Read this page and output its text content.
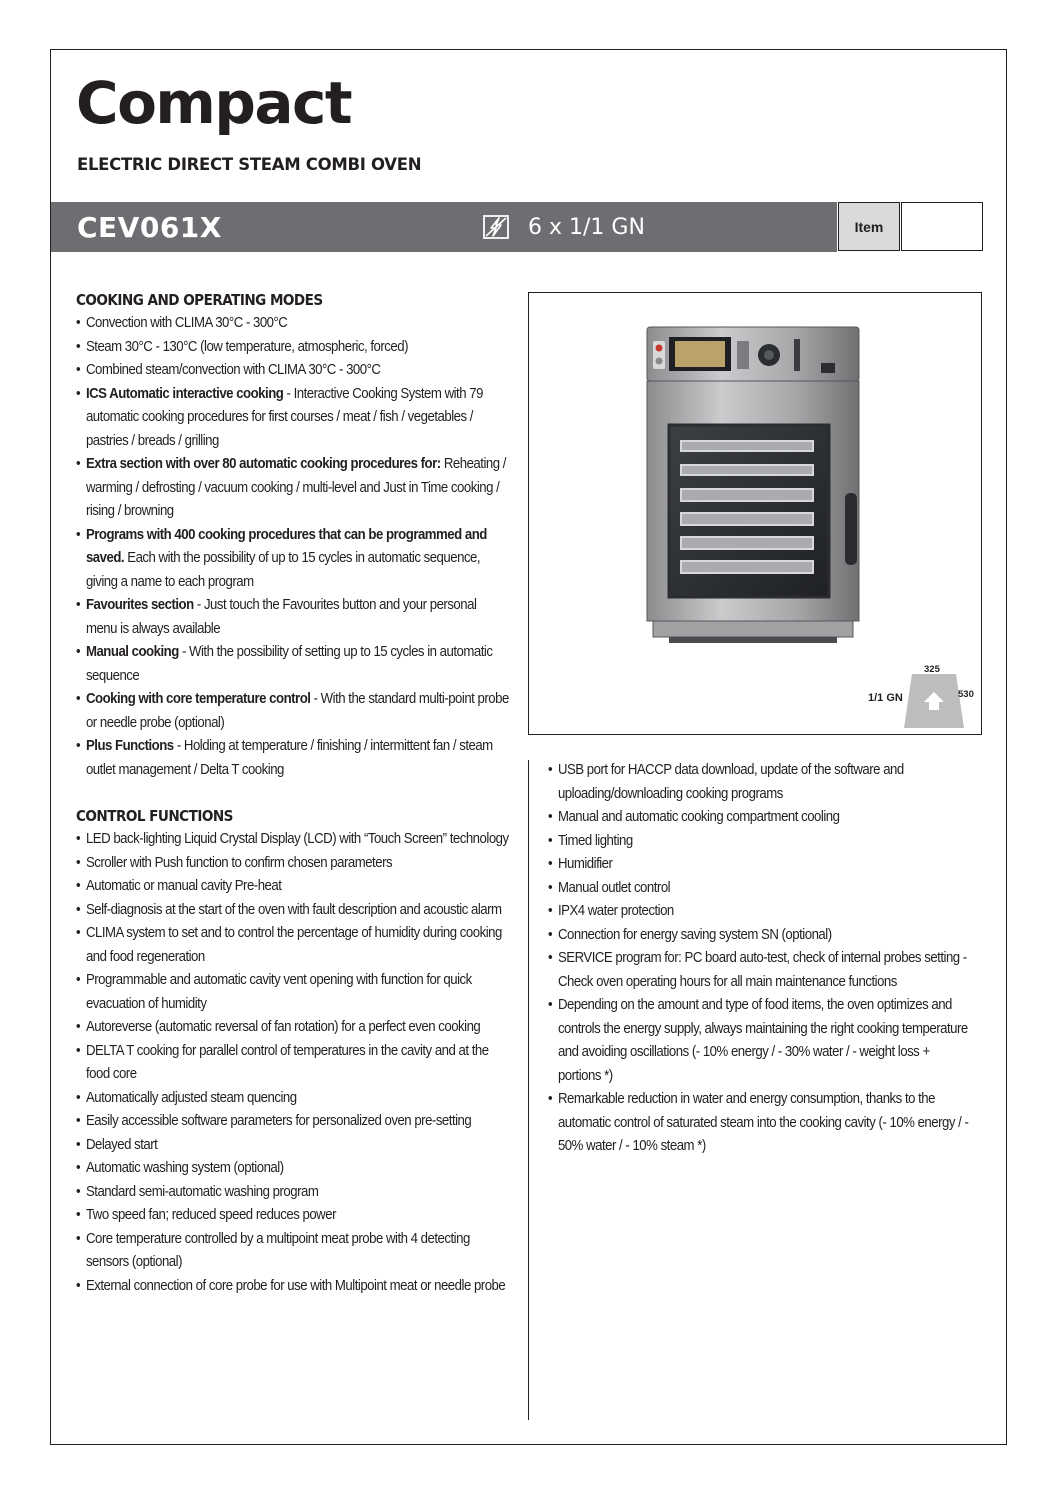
Compact
ELECTRIC DIRECT STEAM COMBI OVEN
CEV061X	6 x 1/1 GN	Item
COOKING AND OPERATING MODES
• Convection with CLIMA 30°C - 300°C
• Steam 30°C - 130°C (low temperature, atmospheric, forced)
• Combined steam/convection with CLIMA 30°C - 300°C
• ICS Automatic interactive cooking - Interactive Cooking System with 79 automatic cooking procedures for first courses / meat / fish / vegetables / pastries / breads / grilling
• Extra section with over 80 automatic cooking procedures for: Reheating / warming / defrosting / vacuum cooking / multi-level and Just in Time cooking / rising / browning
• Programs with 400 cooking procedures that can be programmed and saved. Each with the possibility of up to 15 cycles in automatic sequence, giving a name to each program
• Favourites section - Just touch the Favourites button and your personal menu is always available
• Manual cooking - With the possibility of setting up to 15 cycles in automatic sequence
• Cooking with core temperature control - With the standard multi-point probe or needle probe (optional)
• Plus Functions - Holding at temperature / finishing / intermittent fan / steam outlet management / Delta T cooking
CONTROL FUNCTIONS
• LED back-lighting Liquid Crystal Display (LCD) with “Touch Screen” technology
• Scroller with Push function to confirm chosen parameters
• Automatic or manual cavity Pre-heat
• Self-diagnosis at the start of the oven with fault description and acoustic alarm
• CLIMA system to set and to control the percentage of humidity during cooking and food regeneration
• Programmable and automatic cavity vent opening with function for quick evacuation of humidity
• Autoreverse (automatic reversal of fan rotation) for a perfect even cooking
• DELTA T cooking for parallel control of temperatures in the cavity and at the food core
• Automatically adjusted steam quencing
• Easily accessible software parameters for personalized oven pre-setting
• Delayed start
• Automatic washing system (optional)
• Standard semi-automatic washing program
• Two speed fan; reduced speed reduces power
• Core temperature controlled by a multipoint meat probe with 4 detecting sensors (optional)
• External connection of core probe for use with Multipoint meat or needle probe
325
530
1/1 GN
• USB port for HACCP data download, update of the software and uploading/downloading cooking programs
• Manual and automatic cooking compartment cooling
• Timed lighting
• Humidifier
• Manual outlet control
• IPX4 water protection
• Connection for energy saving system SN (optional)
• SERVICE program for: PC board auto-test, check of internal probes setting - Check oven operating hours for all main maintenance functions
• Depending on the amount and type of food items, the oven optimizes and controls the energy supply, always maintaining the right cooking temperature and avoiding oscillations (- 10% energy / - 30% water / - weight loss + portions *)
• Remarkable reduction in water and energy consumption, thanks to the automatic control of saturated steam into the cooking cavity (- 10% energy / - 50% water / - 10% steam *)
